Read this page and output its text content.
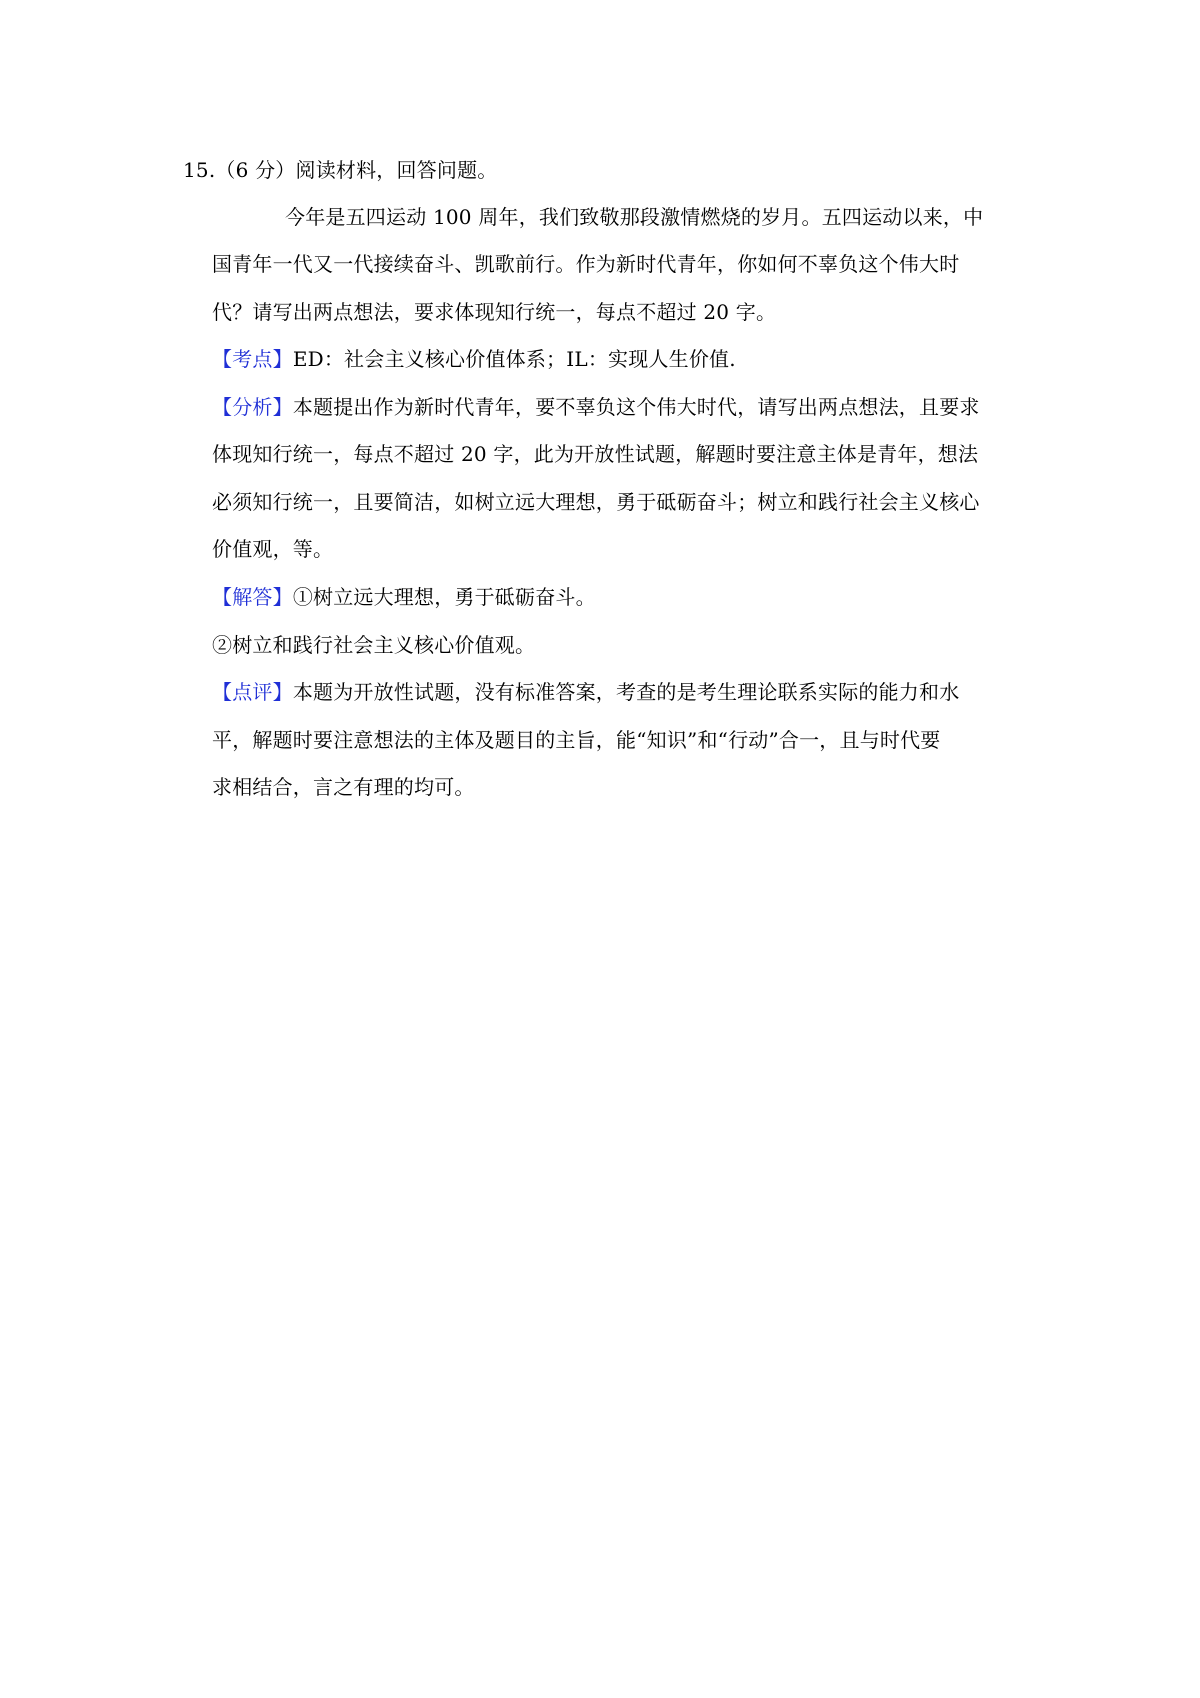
15.（6 分）阅读材料，回答问题。
今年是五四运动 100 周年，我们致敬那段激情燃烧的岁月。五四运动以来，中
国青年一代又一代接续奋斗、凯歌前行。作为新时代青年，你如何不辜负这个伟大时
代？请写出两点想法，要求体现知行统一，每点不超过 20 字。
【考点】ED：社会主义核心价值体系；IL：实现人生价值.
【分析】本题提出作为新时代青年，要不辜负这个伟大时代，请写出两点想法，且要求
体现知行统一，每点不超过 20 字，此为开放性试题，解题时要注意主体是青年，想法
必须知行统一，且要简洁，如树立远大理想，勇于砥砺奋斗；树立和践行社会主义核心
价值观，等。
【解答】①树立远大理想，勇于砥砺奋斗。
②树立和践行社会主义核心价值观。
【点评】本题为开放性试题，没有标准答案，考查的是考生理论联系实际的能力和水
平，解题时要注意想法的主体及题目的主旨，能“知识”和“行动”合一，且与时代要
求相结合，言之有理的均可。
